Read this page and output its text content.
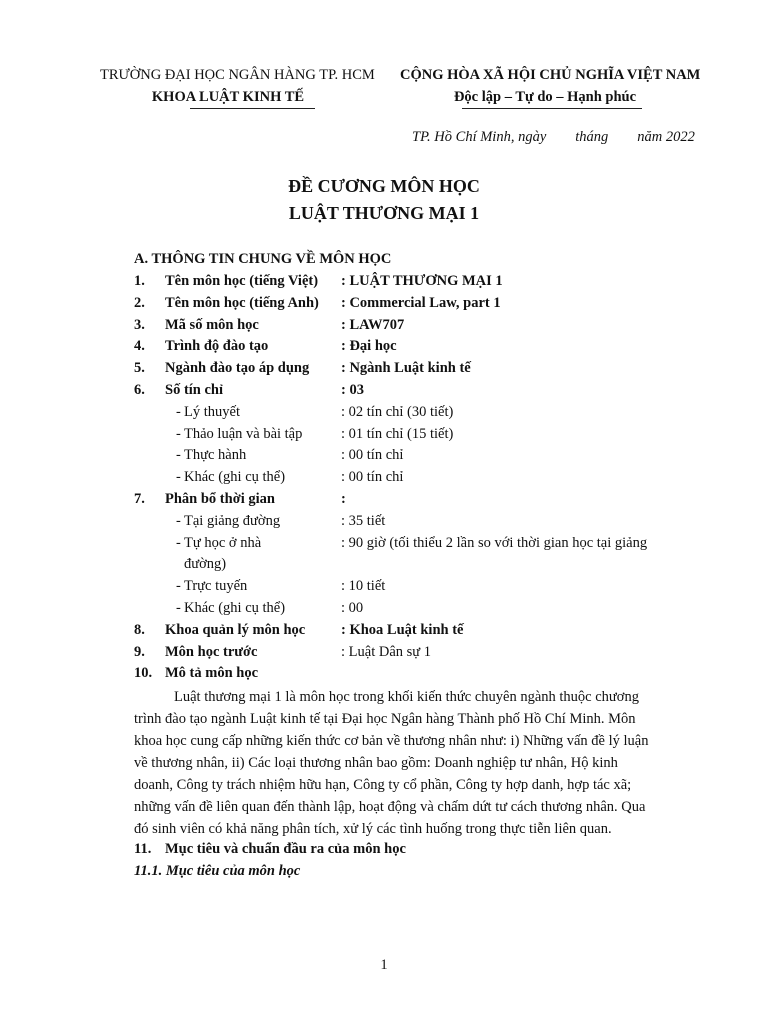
TRƯỜNG ĐẠI HỌC NGÂN HÀNG TP. HCM
KHOA LUẬT KINH TẾ
CỘNG HÒA XÃ HỘI CHỦ NGHĨA VIỆT NAM
Độc lập – Tự do – Hạnh phúc
TP. Hồ Chí Minh, ngày        tháng        năm 2022
ĐỀ CƯƠNG MÔN HỌC
LUẬT THƯƠNG MẠI 1
A. THÔNG TIN CHUNG VỀ MÔN HỌC
1. Tên môn học (tiếng Việt) : LUẬT THƯƠNG MẠI 1
2. Tên môn học (tiếng Anh) : Commercial Law, part 1
3. Mã số môn học	: LAW707
4. Trình độ đào tạo	: Đại học
5. Ngành đào tạo áp dụng : Ngành Luật kinh tế
6. Số tín chỉ	: 03
- Lý thuyết	: 02 tín chỉ (30 tiết)
- Thảo luận và bài tập	: 01 tín chỉ (15 tiết)
- Thực hành	: 00 tín chỉ
- Khác (ghi cụ thể)	: 00 tín chỉ
7. Phân bổ thời gian	:
- Tại giảng đường	: 35 tiết
- Tự học ở nhà	: 90 giờ (tối thiểu 2 lần so với thời gian học tại giảng
đường)
- Trực tuyến	: 10 tiết
- Khác (ghi cụ thể)	: 00
8. Khoa quản lý môn học : Khoa Luật kinh tế
9. Môn học trước	: Luật Dân sự 1
10. Mô tả môn học
Luật thương mại 1 là môn học trong khối kiến thức chuyên ngành thuộc chương
trình đào tạo ngành Luật kinh tế tại Đại học Ngân hàng Thành phố Hồ Chí Minh. Môn
khoa học cung cấp những kiến thức cơ bản về thương nhân như: i) Những vấn đề lý luận
về thương nhân, ii) Các loại thương nhân bao gồm: Doanh nghiệp tư nhân, Hộ kinh
doanh, Công ty trách nhiệm hữu hạn, Công ty cổ phần, Công ty hợp danh, hợp tác xã;
những vấn đề liên quan đến thành lập, hoạt động và chấm dứt tư cách thương nhân. Qua
đó sinh viên có khả năng phân tích, xử lý các tình huống trong thực tiễn liên quan.
11. Mục tiêu và chuẩn đầu ra của môn học
11.1. Mục tiêu của môn học
1
